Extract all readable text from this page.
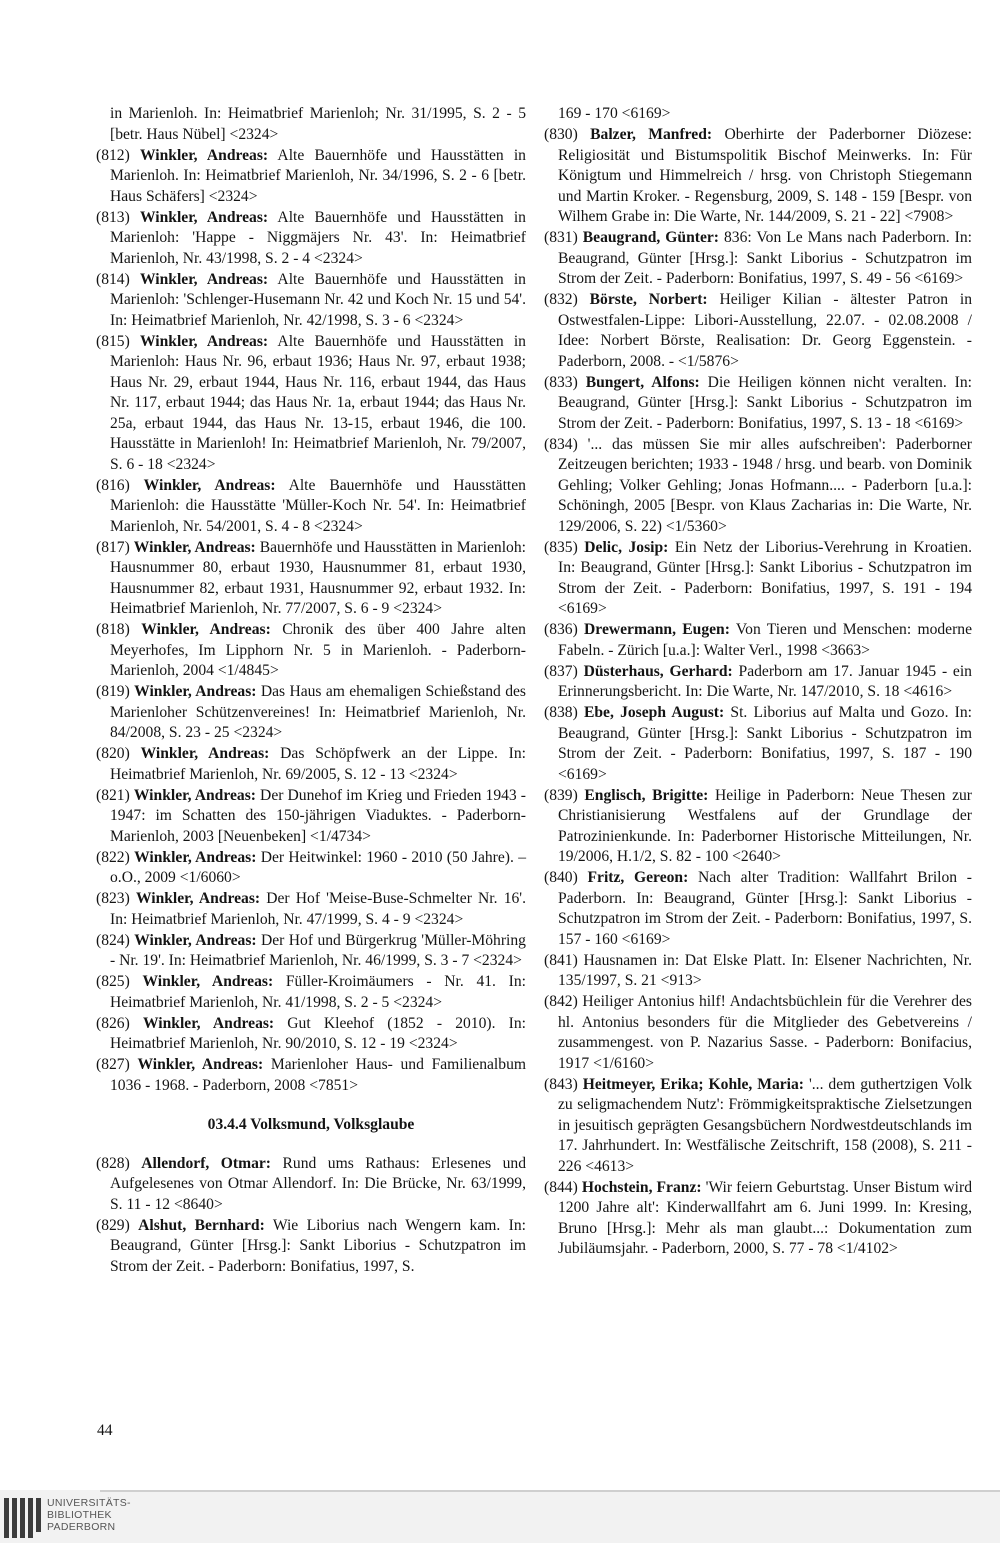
in Marienloh. In: Heimatbrief Marienloh; Nr. 31/1995, S. 2 - 5 [betr. Haus Nübel] <2324>

(812) Winkler, Andreas: Alte Bauernhöfe und Hausstätten in Marienloh. In: Heimatbrief Marienloh, Nr. 34/1996, S. 2 - 6 [betr. Haus Schäfers] <2324>

(813) Winkler, Andreas: Alte Bauernhöfe und Hausstätten in Marienloh: 'Happe - Niggmäjers Nr. 43'. In: Heimatbrief Marienloh, Nr. 43/1998, S. 2 - 4 <2324>

(814) Winkler, Andreas: Alte Bauernhöfe und Hausstätten in Marienloh: 'Schlenger-Husemann Nr. 42 und Koch Nr. 15 und 54'. In: Heimatbrief Marienloh, Nr. 42/1998, S. 3 - 6 <2324>

(815) Winkler, Andreas: Alte Bauernhöfe und Hausstätten in Marienloh: Haus Nr. 96, erbaut 1936; Haus Nr. 97, erbaut 1938; Haus Nr. 29, erbaut 1944, Haus Nr. 116, erbaut 1944, das Haus Nr. 117, erbaut 1944; das Haus Nr. 1a, erbaut 1944; das Haus Nr. 25a, erbaut 1944, das Haus Nr. 13-15, erbaut 1946, die 100. Hausstätte in Marienloh! In: Heimatbrief Marienloh, Nr. 79/2007, S. 6 - 18 <2324>

(816) Winkler, Andreas: Alte Bauernhöfe und Hausstätten Marienloh: die Hausstätte 'Müller-Koch Nr. 54'. In: Heimatbrief Marienloh, Nr. 54/2001, S. 4 - 8 <2324>

(817) Winkler, Andreas: Bauernhöfe und Hausstätten in Marienloh: Hausnummer 80, erbaut 1930, Hausnummer 81, erbaut 1930, Hausnummer 82, erbaut 1931, Hausnummer 92, erbaut 1932. In: Heimatbrief Marienloh, Nr. 77/2007, S. 6 - 9 <2324>

(818) Winkler, Andreas: Chronik des über 400 Jahre alten Meyerhofes, Im Lipphorn Nr. 5 in Marienloh. - Paderborn-Marienloh, 2004 <1/4845>

(819) Winkler, Andreas: Das Haus am ehemaligen Schießstand des Marienloher Schützenvereines! In: Heimatbrief Marienloh, Nr. 84/2008, S. 23 - 25 <2324>

(820) Winkler, Andreas: Das Schöpfwerk an der Lippe. In: Heimatbrief Marienloh, Nr. 69/2005, S. 12 - 13 <2324>

(821) Winkler, Andreas: Der Dunehof im Krieg und Frieden 1943 - 1947: im Schatten des 150-jährigen Viaduktes. - Paderborn-Marienloh, 2003 [Neuenbeken] <1/4734>

(822) Winkler, Andreas: Der Heitwinkel: 1960 - 2010 (50 Jahre). – o.O., 2009 <1/6060>

(823) Winkler, Andreas: Der Hof 'Meise-Buse-Schmelter Nr. 16'. In: Heimatbrief Marienloh, Nr. 47/1999, S. 4 - 9 <2324>

(824) Winkler, Andreas: Der Hof und Bürgerkrug 'Müller-Möhring - Nr. 19'. In: Heimatbrief Marienloh, Nr. 46/1999, S. 3 - 7 <2324>

(825) Winkler, Andreas: Füller-Kroimäumers - Nr. 41. In: Heimatbrief Marienloh, Nr. 41/1998, S. 2 - 5 <2324>

(826) Winkler, Andreas: Gut Kleehof (1852 - 2010). In: Heimatbrief Marienloh, Nr. 90/2010, S. 12 - 19 <2324>

(827) Winkler, Andreas: Marienloher Haus- und Familienalbum 1036 - 1968. - Paderborn, 2008 <7851>

03.4.4 Volksmund, Volksglaube

(828) Allendorf, Otmar: Rund ums Rathaus: Erlesenes und Aufgelesenes von Otmar Allendorf. In: Die Brücke, Nr. 63/1999, S. 11 - 12 <8640>

(829) Alshut, Bernhard: Wie Liborius nach Wengern kam. In: Beaugrand, Günter [Hrsg.]: Sankt Liborius - Schutzpatron im Strom der Zeit. - Paderborn: Bonifatius, 1997, S.

169 - 170 <6169>

(830) Balzer, Manfred: Oberhirte der Paderborner Diözese: Religiosität und Bistumspolitik Bischof Meinwerks. In: Für Königtum und Himmelreich / hrsg. von Christoph Stiegemann und Martin Kroker. - Regensburg, 2009, S. 148 - 159 [Bespr. von Wilhem Grabe in: Die Warte, Nr. 144/2009, S. 21 - 22] <7908>

(831) Beaugrand, Günter: 836: Von Le Mans nach Paderborn. In: Beaugrand, Günter [Hrsg.]: Sankt Liborius - Schutzpatron im Strom der Zeit. - Paderborn: Bonifatius, 1997, S. 49 - 56 <6169>

(832) Börste, Norbert: Heiliger Kilian - ältester Patron in Ostwestfalen-Lippe: Libori-Ausstellung, 22.07. - 02.08.2008 / Idee: Norbert Börste, Realisation: Dr. Georg Eggenstein. - Paderborn, 2008. - <1/5876>

(833) Bungert, Alfons: Die Heiligen können nicht veralten. In: Beaugrand, Günter [Hrsg.]: Sankt Liborius - Schutzpatron im Strom der Zeit. - Paderborn: Bonifatius, 1997, S. 13 - 18 <6169>

(834) '... das müssen Sie mir alles aufschreiben': Paderborner Zeitzeugen berichten; 1933 - 1948 / hrsg. und bearb. von Dominik Gehling; Volker Gehling; Jonas Hofmann.... - Paderborn [u.a.]: Schöningh, 2005 [Bespr. von Klaus Zacharias in: Die Warte, Nr. 129/2006, S. 22) <1/5360>

(835) Delic, Josip: Ein Netz der Liborius-Verehrung in Kroatien. In: Beaugrand, Günter [Hrsg.]: Sankt Liborius - Schutzpatron im Strom der Zeit. - Paderborn: Bonifatius, 1997, S. 191 - 194 <6169>

(836) Drewermann, Eugen: Von Tieren und Menschen: moderne Fabeln. - Zürich [u.a.]: Walter Verl., 1998 <3663>

(837) Düsterhaus, Gerhard: Paderborn am 17. Januar 1945 - ein Erinnerungsbericht. In: Die Warte, Nr. 147/2010, S. 18 <4616>

(838) Ebe, Joseph August: St. Liborius auf Malta und Gozo. In: Beaugrand, Günter [Hrsg.]: Sankt Liborius - Schutzpatron im Strom der Zeit. - Paderborn: Bonifatius, 1997, S. 187 - 190 <6169>

(839) Englisch, Brigitte: Heilige in Paderborn: Neue Thesen zur Christianisierung Westfalens auf der Grundlage der Patrozinienkunde. In: Paderborner Historische Mitteilungen, Nr. 19/2006, H.1/2, S. 82 - 100 <2640>

(840) Fritz, Gereon: Nach alter Tradition: Wallfahrt Brilon - Paderborn. In: Beaugrand, Günter [Hrsg.]: Sankt Liborius - Schutzpatron im Strom der Zeit. - Paderborn: Bonifatius, 1997, S. 157 - 160 <6169>

(841) Hausnamen in: Dat Elske Platt. In: Elsener Nachrichten, Nr. 135/1997, S. 21 <913>

(842) Heiliger Antonius hilf! Andachtsbüchlein für die Verehrer des hl. Antonius besonders für die Mitglieder des Gebetvereins / zusammengest. von P. Nazarius Sasse. - Paderborn: Bonifacius, 1917 <1/6160>

(843) Heitmeyer, Erika; Kohle, Maria: '... dem guthertzigen Volk zu seligmachendem Nutz': Frömmigkeitspraktische Zielsetzungen in jesuitisch geprägten Gesangsbüchern Nordwestdeutschlands im 17. Jahrhundert. In: Westfälische Zeitschrift, 158 (2008), S. 211 - 226 <4613>

(844) Hochstein, Franz: 'Wir feiern Geburtstag. Unser Bistum wird 1200 Jahre alt': Kinderwallfahrt am 6. Juni 1999. In: Kresing, Bruno [Hrsg.]: Mehr als man glaubt...: Dokumentation zum Jubiläumsjahr. - Paderborn, 2000, S. 77 - 78 <1/4102>

44
UNIVERSITÄTS-
BIBLIOTHEK
PADERBORN
